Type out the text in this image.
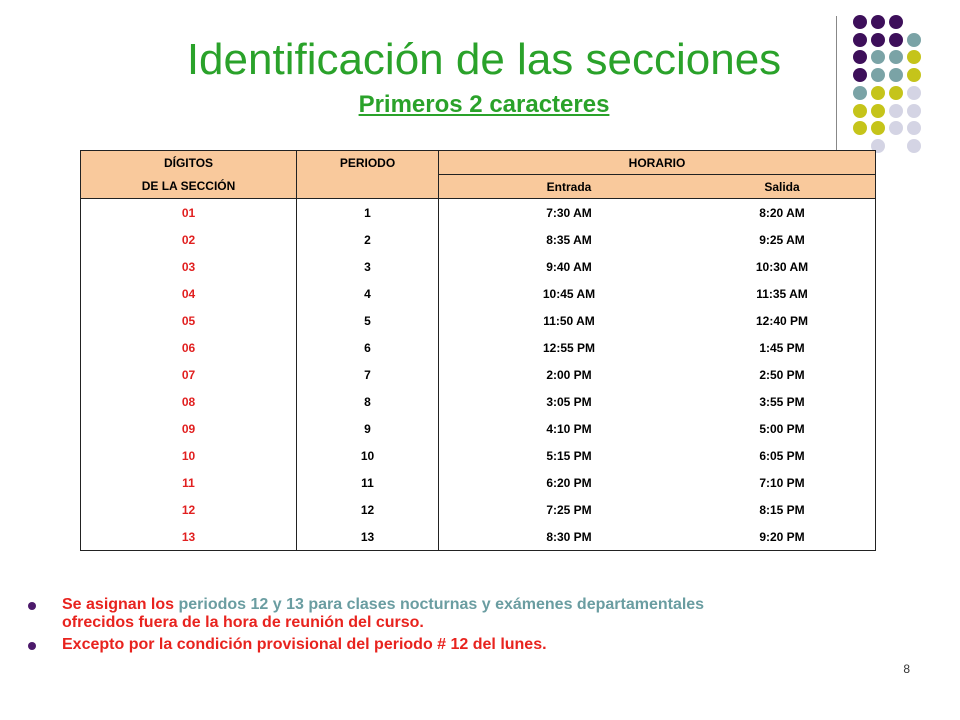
Identificación de las secciones
Primeros 2 caracteres
DÍGITOS	PERIODO	HORARIO	
DE LA SECCIÓN		Entrada	Salida
01	1	7:30 AM	8:20 AM
02	2	8:35 AM	9:25 AM
03	3	9:40 AM	10:30 AM
04	4	10:45 AM	11:35 AM
05	5	11:50 AM	12:40 PM
06	6	12:55 PM	1:45 PM
07	7	2:00 PM	2:50 PM
08	8	3:05 PM	3:55 PM
09	9	4:10 PM	5:00 PM
10	10	5:15 PM	6:05 PM
11	11	6:20 PM	7:10 PM
12	12	7:25 PM	8:15 PM
13	13	8:30 PM	9:20 PM
Se asignan los periodos 12 y 13 para clases nocturnas y exámenes departamentales
ofrecidos fuera de la hora de reunión del curso.
Excepto por la condición provisional del periodo # 12 del lunes.
8
